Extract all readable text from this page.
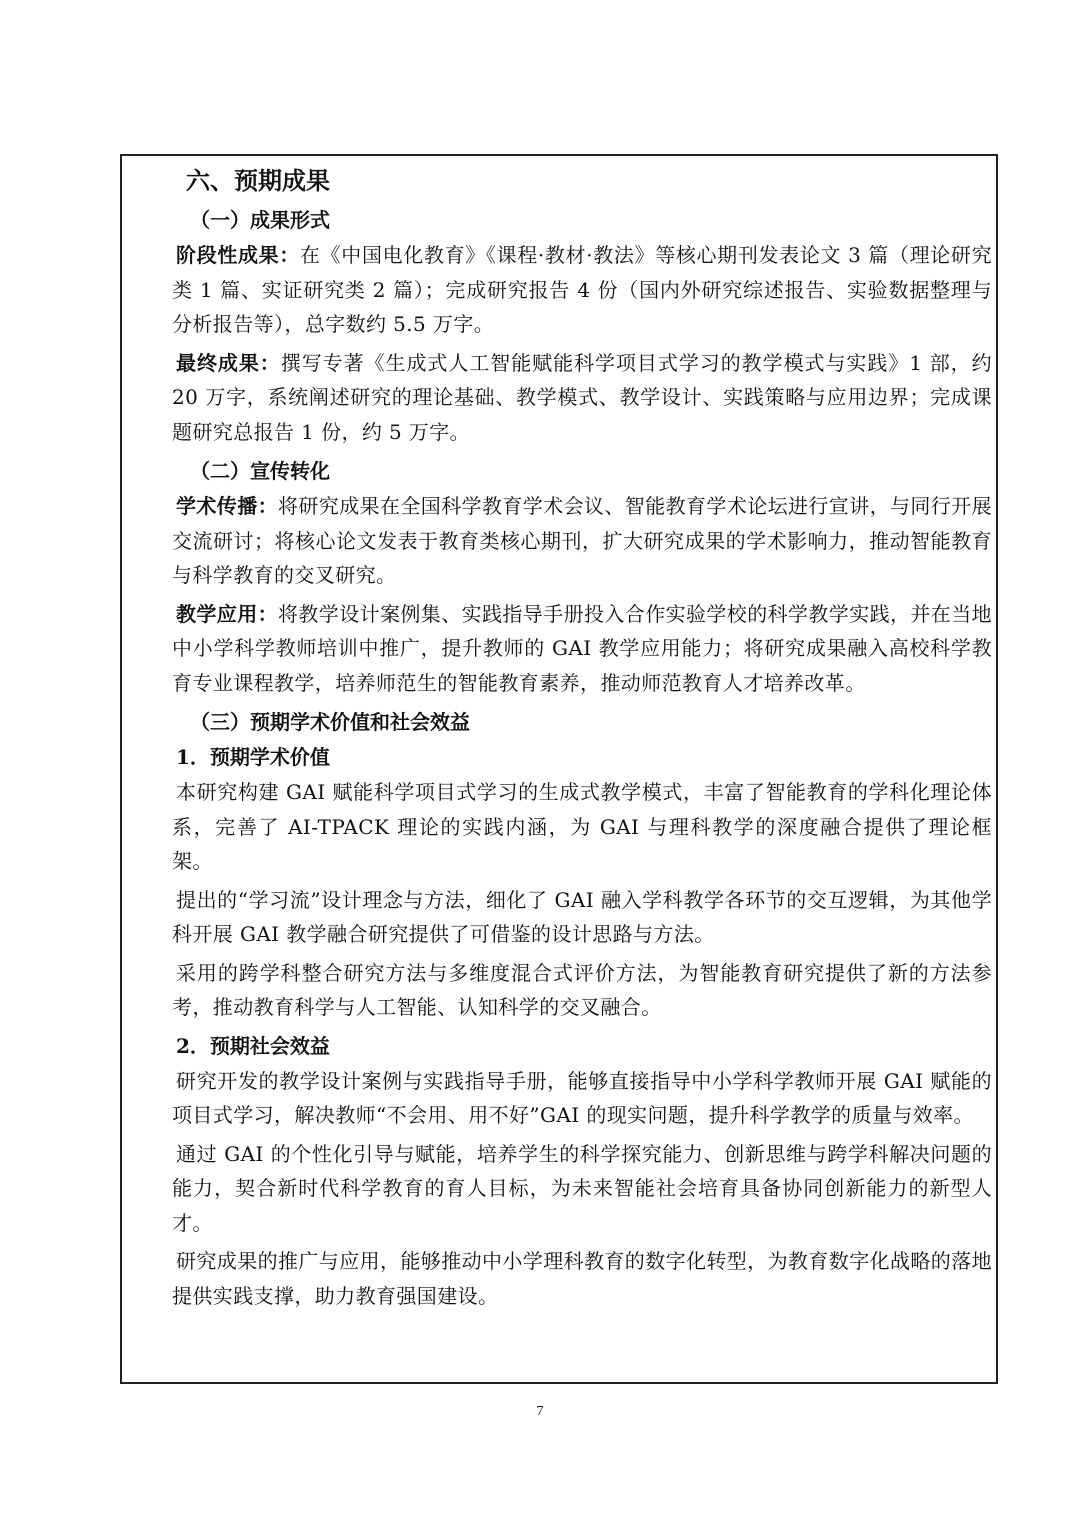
六、预期成果
（一）成果形式

阶段性成果：在《中国电化教育》《课程·教材·教法》等核心期刊发表论文 3 篇（理论研究类 1 篇、实证研究类 2 篇）；完成研究报告 4 份（国内外研究综述报告、实验数据整理与分析报告等），总字数约 5.5 万字。

最终成果：撰写专著《生成式人工智能赋能科学项目式学习的教学模式与实践》1 部，约 20 万字，系统阐述研究的理论基础、教学模式、教学设计、实践策略与应用边界；完成课题研究总报告 1 份，约 5 万字。

（二）宣传转化

学术传播：将研究成果在全国科学教育学术会议、智能教育学术论坛进行宣讲，与同行开展交流研讨；将核心论文发表于教育类核心期刊，扩大研究成果的学术影响力，推动智能教育与科学教育的交叉研究。

教学应用：将教学设计案例集、实践指导手册投入合作实验学校的科学教学实践，并在当地中小学科学教师培训中推广，提升教师的 GAI 教学应用能力；将研究成果融入高校科学教育专业课程教学，培养师范生的智能教育素养，推动师范教育人才培养改革。

（三）预期学术价值和社会效益
1．预期学术价值

本研究构建 GAI 赋能科学项目式学习的生成式教学模式，丰富了智能教育的学科化理论体系，完善了 AI-TPACK 理论的实践内涵，为 GAI 与理科教学的深度融合提供了理论框架。

提出的“学习流”设计理念与方法，细化了 GAI 融入学科教学各环节的交互逻辑，为其他学科开展 GAI 教学融合研究提供了可借鉴的设计思路与方法。

采用的跨学科整合研究方法与多维度混合式评价方法，为智能教育研究提供了新的方法参考，推动教育科学与人工智能、认知科学的交叉融合。

2．预期社会效益

研究开发的教学设计案例与实践指导手册，能够直接指导中小学科学教师开展 GAI 赋能的项目式学习，解决教师“不会用、用不好”GAI 的现实问题，提升科学教学的质量与效率。

通过 GAI 的个性化引导与赋能，培养学生的科学探究能力、创新思维与跨学科解决问题的能力，契合新时代科学教育的育人目标，为未来智能社会培育具备协同创新能力的新型人才。

研究成果的推广与应用，能够推动中小学理科教育的数字化转型，为教育数字化战略的落地提供实践支撑，助力教育强国建设。

7
